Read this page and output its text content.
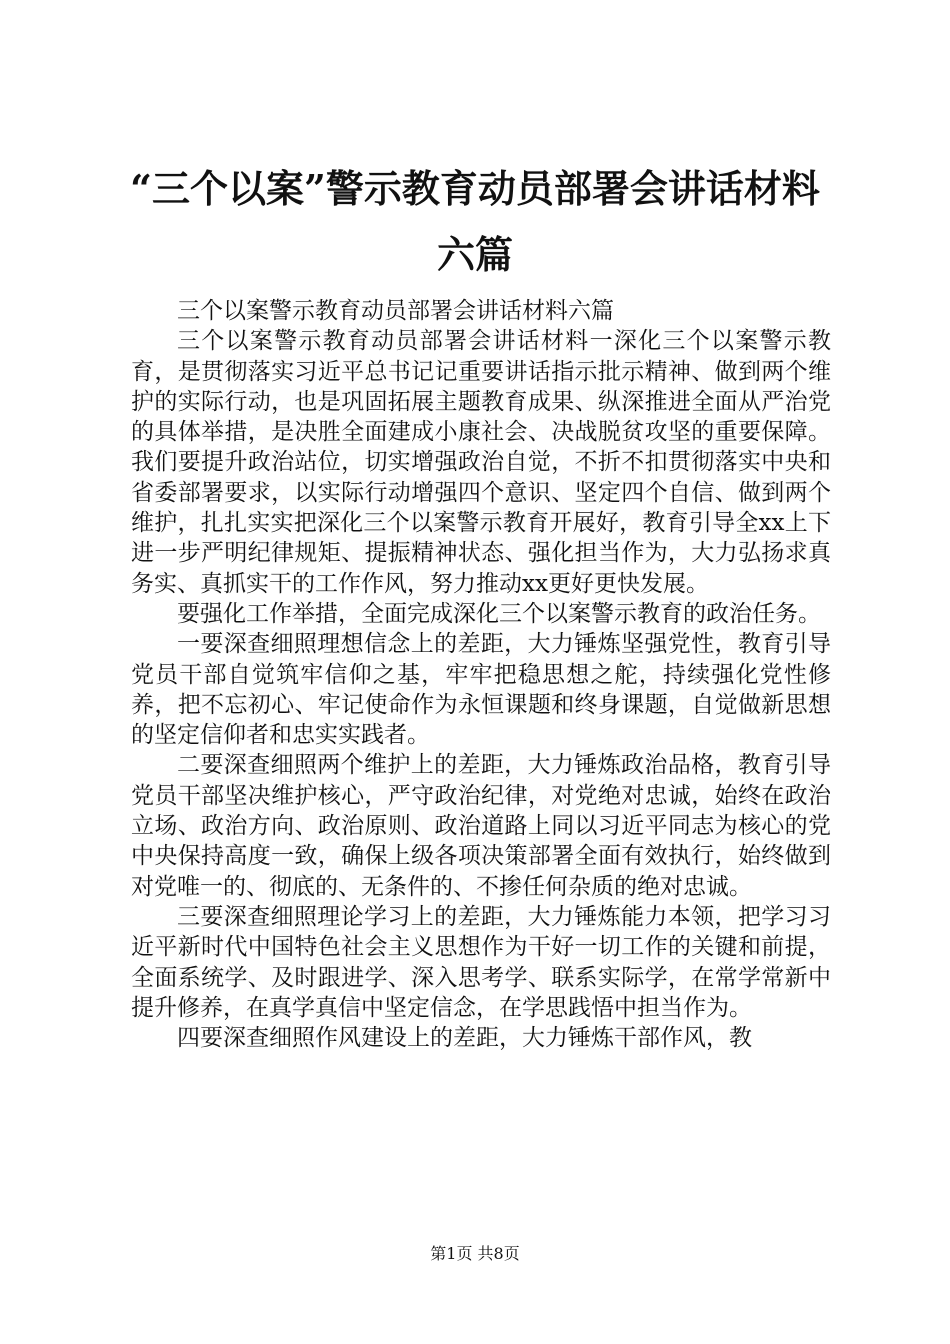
“三个以案”警示教育动员部署会讲话材料六篇

三个以案警示教育动员部署会讲话材料六篇

三个以案警示教育动员部署会讲话材料一深化三个以案警示教育，是贯彻落实习近平总书记记重要讲话指示批示精神、做到两个维护的实际行动，也是巩固拓展主题教育成果、纵深推进全面从严治党的具体举措，是决胜全面建成小康社会、决战脱贫攻坚的重要保障。我们要提升政治站位，切实增强政治自觉，不折不扣贯彻落实中央和省委部署要求，以实际行动增强四个意识、坚定四个自信、做到两个维护，扎扎实实把深化三个以案警示教育开展好，教育引导全xx上下进一步严明纪律规矩、提振精神状态、强化担当作为，大力弘扬求真务实、真抓实干的工作作风，努力推动xx更好更快发展。

要强化工作举措，全面完成深化三个以案警示教育的政治任务。

一要深查细照理想信念上的差距，大力锤炼坚强党性，教育引导党员干部自觉筑牢信仰之基，牢牢把稳思想之舵，持续强化党性修养，把不忘初心、牢记使命作为永恒课题和终身课题，自觉做新思想的坚定信仰者和忠实实践者。

二要深查细照两个维护上的差距，大力锤炼政治品格，教育引导党员干部坚决维护核心，严守政治纪律，对党绝对忠诚，始终在政治立场、政治方向、政治原则、政治道路上同以习近平同志为核心的党中央保持高度一致，确保上级各项决策部署全面有效执行，始终做到对党唯一的、彻底的、无条件的、不掺任何杂质的绝对忠诚。

三要深查细照理论学习上的差距，大力锤炼能力本领，把学习习近平新时代中国特色社会主义思想作为干好一切工作的关键和前提，全面系统学、及时跟进学、深入思考学、联系实际学，在常学常新中提升修养，在真学真信中坚定信念，在学思践悟中担当作为。

四要深查细照作风建设上的差距，大力锤炼干部作风，教

第1页 共8页
